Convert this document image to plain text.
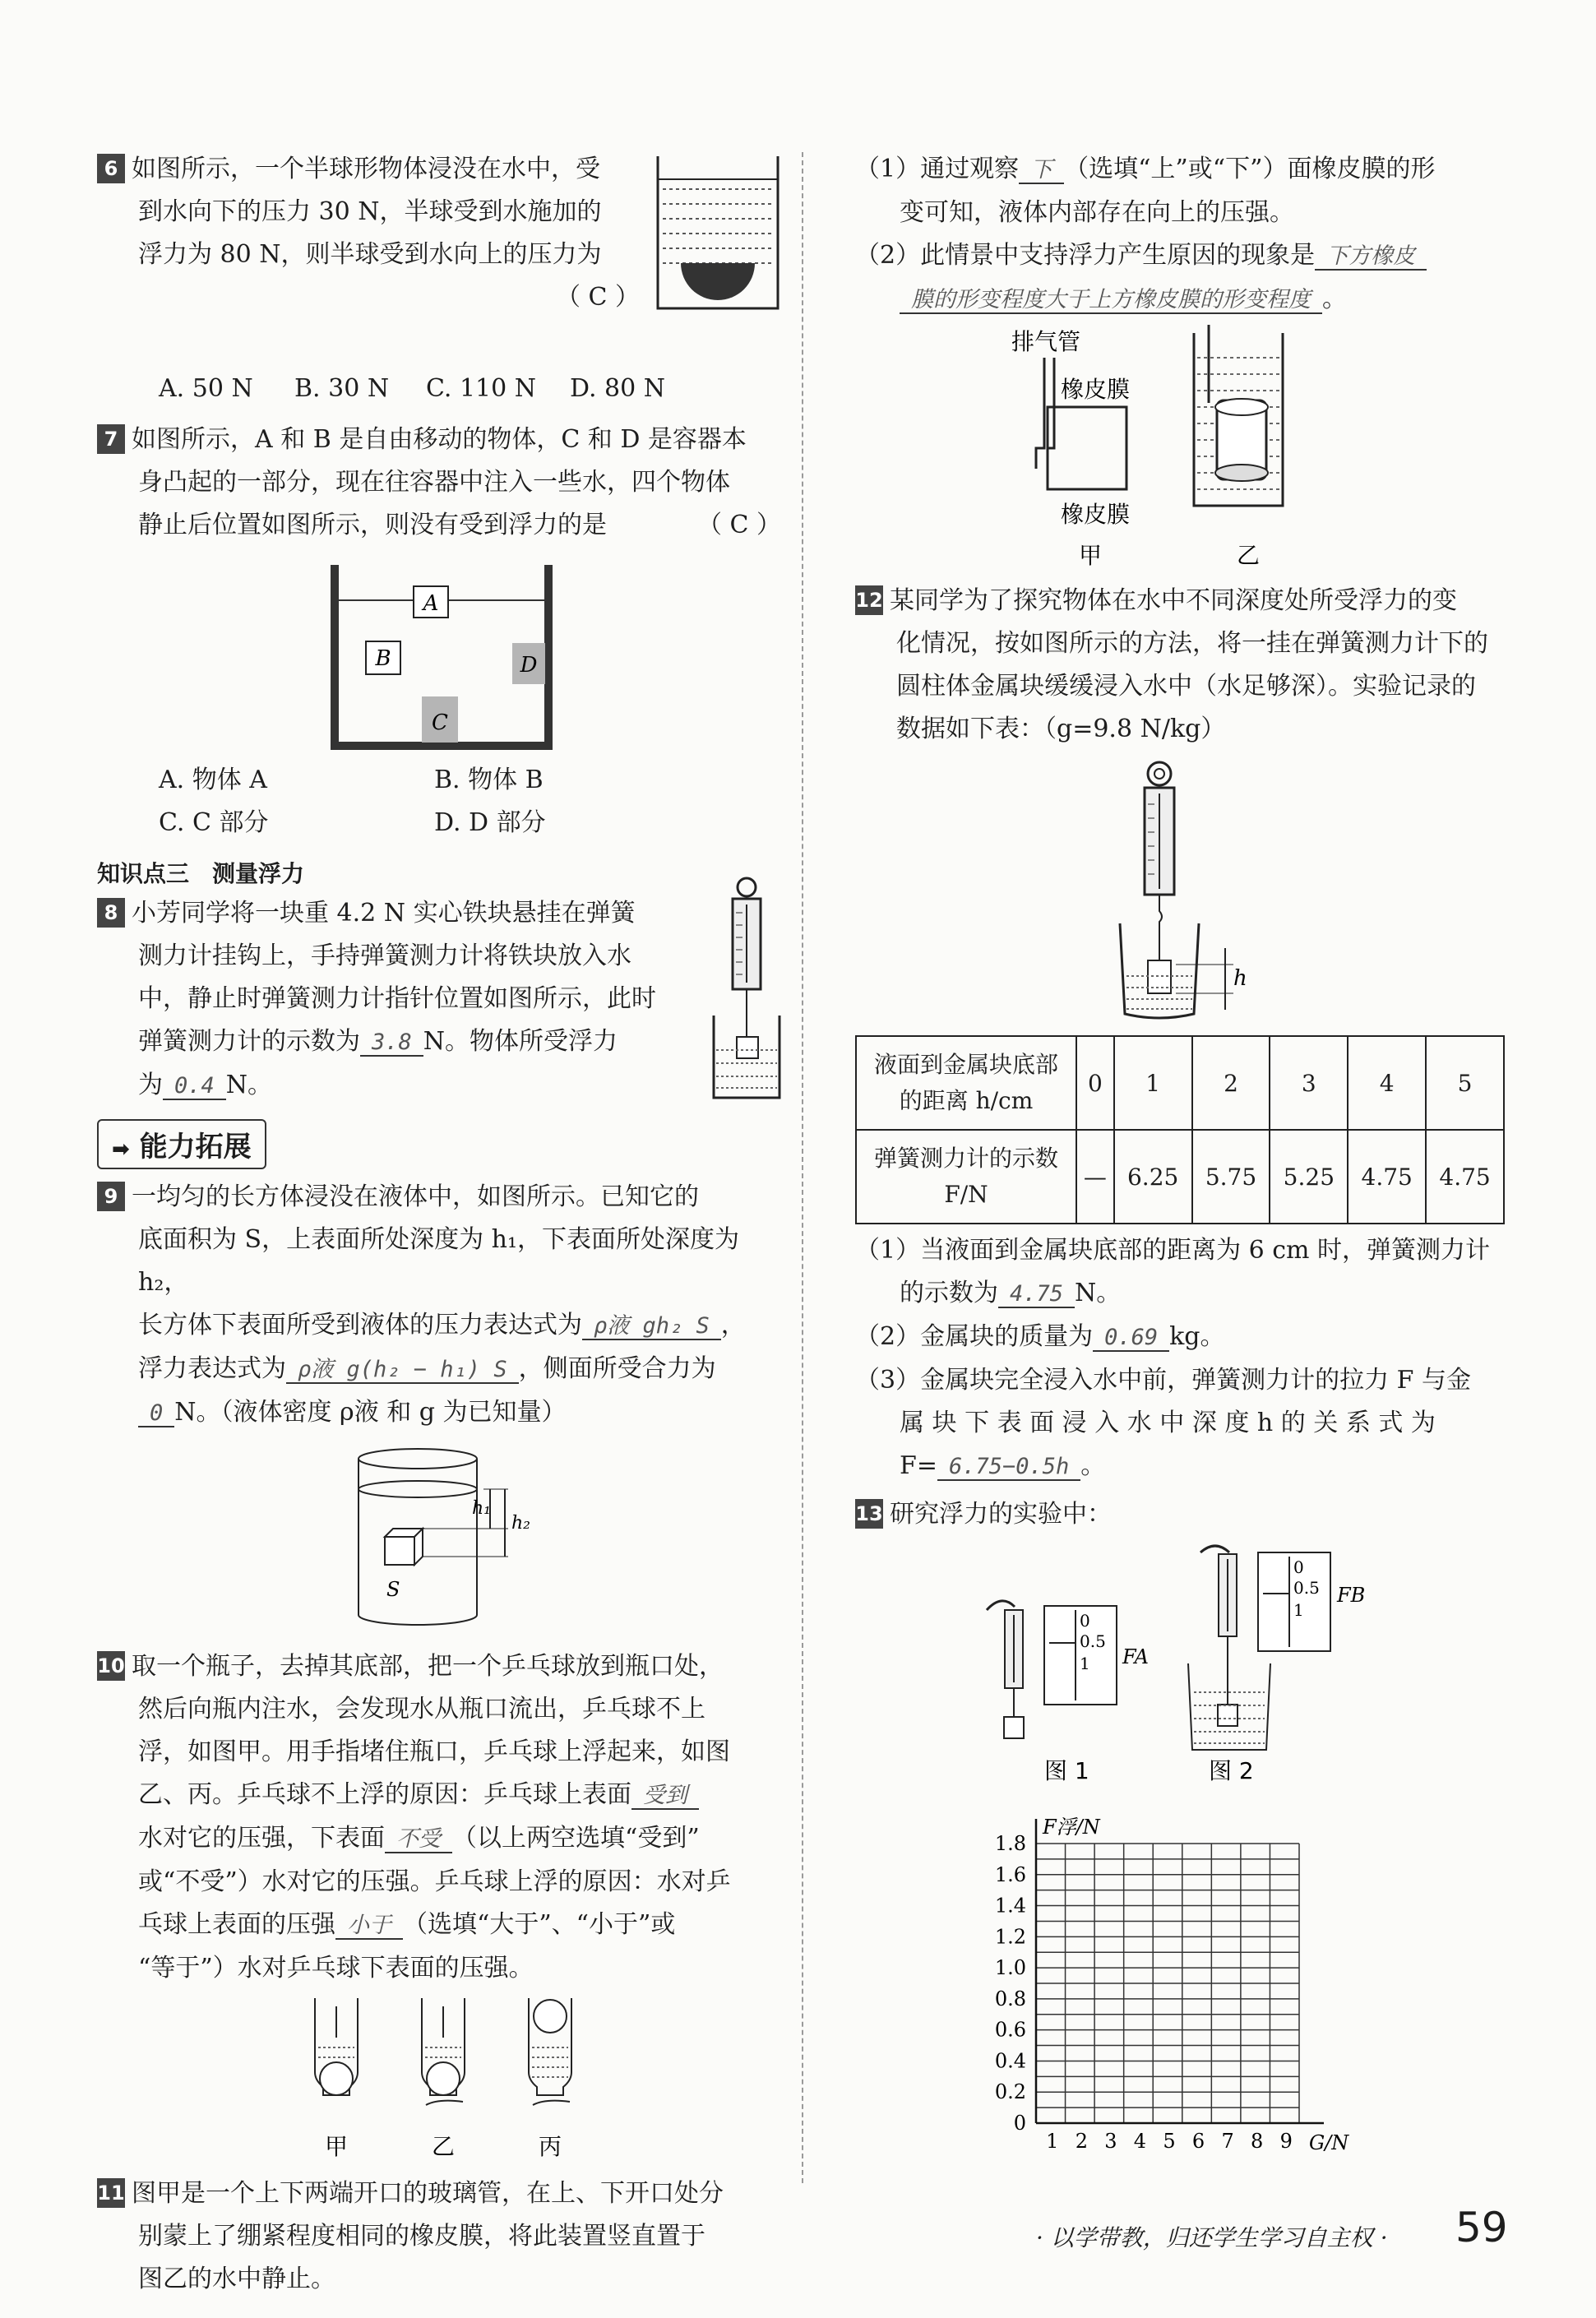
6 如图所示，一个半球形物体浸没在水中，受

到水向下的压力 30 N，半球受到水施加的

浮力为 80 N，则半球受到水向上的压力为

（ C ）

A. 50 N B. 30 N C. 110 N D. 80 N

7 如图所示，A 和 B 是自由移动的物体，C 和 D 是容器本

身凸起的一部分，现在往容器中注入一些水，四个物体

静止后位置如图所示，则没有受到浮力的是	（ C ）

A
B
C
D
A. 物体 A	B. 物体 B
C. C 部分	D. D 部分
知识点三　测量浮力

8 小芳同学将一块重 4.2 N 实心铁块悬挂在弹簧

测力计挂钩上，手持弹簧测力计将铁块放入水

中，静止时弹簧测力计指针位置如图所示，此时

弹簧测力计的示数为 3.8 N。物体所受浮力

为 0.4 N。

➡ 能力拓展

9 一均匀的长方体浸没在液体中，如图所示。已知它的

底面积为 S，上表面所处深度为 h₁，下表面所处深度为 h₂，

长方体下表面所受到液体的压力表达式为 ρ液 gh₂ S ，

浮力表达式为 ρ液 g(h₂ − h₁) S ，侧面所受合力为

0 N。（液体密度 ρ液 和 g 为已知量）

h₁
h₂
S

10 取一个瓶子，去掉其底部，把一个乒乓球放到瓶口处，

然后向瓶内注水，会发现水从瓶口流出，乒乓球不上

浮，如图甲。用手指堵住瓶口，乒乓球上浮起来，如图

乙、丙。乒乓球不上浮的原因：乒乓球上表面 受到

水对它的压强，下表面 不受 （以上两空选填“受到”

或“不受”）水对它的压强。乒乓球上浮的原因：水对乒

乓球上表面的压强 小于 （选填“大于”、“小于”或

“等于”）水对乒乓球下表面的压强。

甲	乙	丙

11 图甲是一个上下两端开口的玻璃管，在上、下开口处分

别蒙上了绷紧程度相同的橡皮膜，将此装置竖直置于

图乙的水中静止。

（1）通过观察 下 （选填“上”或“下”）面橡皮膜的形

变可知，液体内部存在向上的压强。

（2）此情景中支持浮力产生原因的现象是 下方橡皮

膜的形变程度大于上方橡皮膜的形变程度 。

排气管
橡皮膜
橡皮膜
甲	乙

12 某同学为了探究物体在水中不同深度处所受浮力的变

化情况，按如图所示的方法，将一挂在弹簧测力计下的

圆柱体金属块缓缓浸入水中（水足够深）。实验记录的

数据如下表：（g=9.8 N/kg）

h
液面到金属块底部的距离 h/cm	0	1	2	3	4	5
弹簧测力计的示数 F/N	—	6.25	5.75	5.25	4.75	4.75

（1）当液面到金属块底部的距离为 6 cm 时，弹簧测力计

的示数为 4.75 N。

（2）金属块的质量为 0.69 kg。

（3）金属块完全浸入水中前，弹簧测力计的拉力 F 与金

属 块 下 表 面 浸 入 水 中 深 度 h 的 关 系 式 为

F= 6.75−0.5h 。

13 研究浮力的实验中：

0
0.5
1 FA
图 1
0
0.5
1
FB
图 2
0
0.2
0.4
0.6
0.8
1.0
1.2
1.4
1.6
1.8
1 2 3 4 5 6 7 8 9 G/N
F浮/N
· 以学带教，归还学生学习自主权 · 59
